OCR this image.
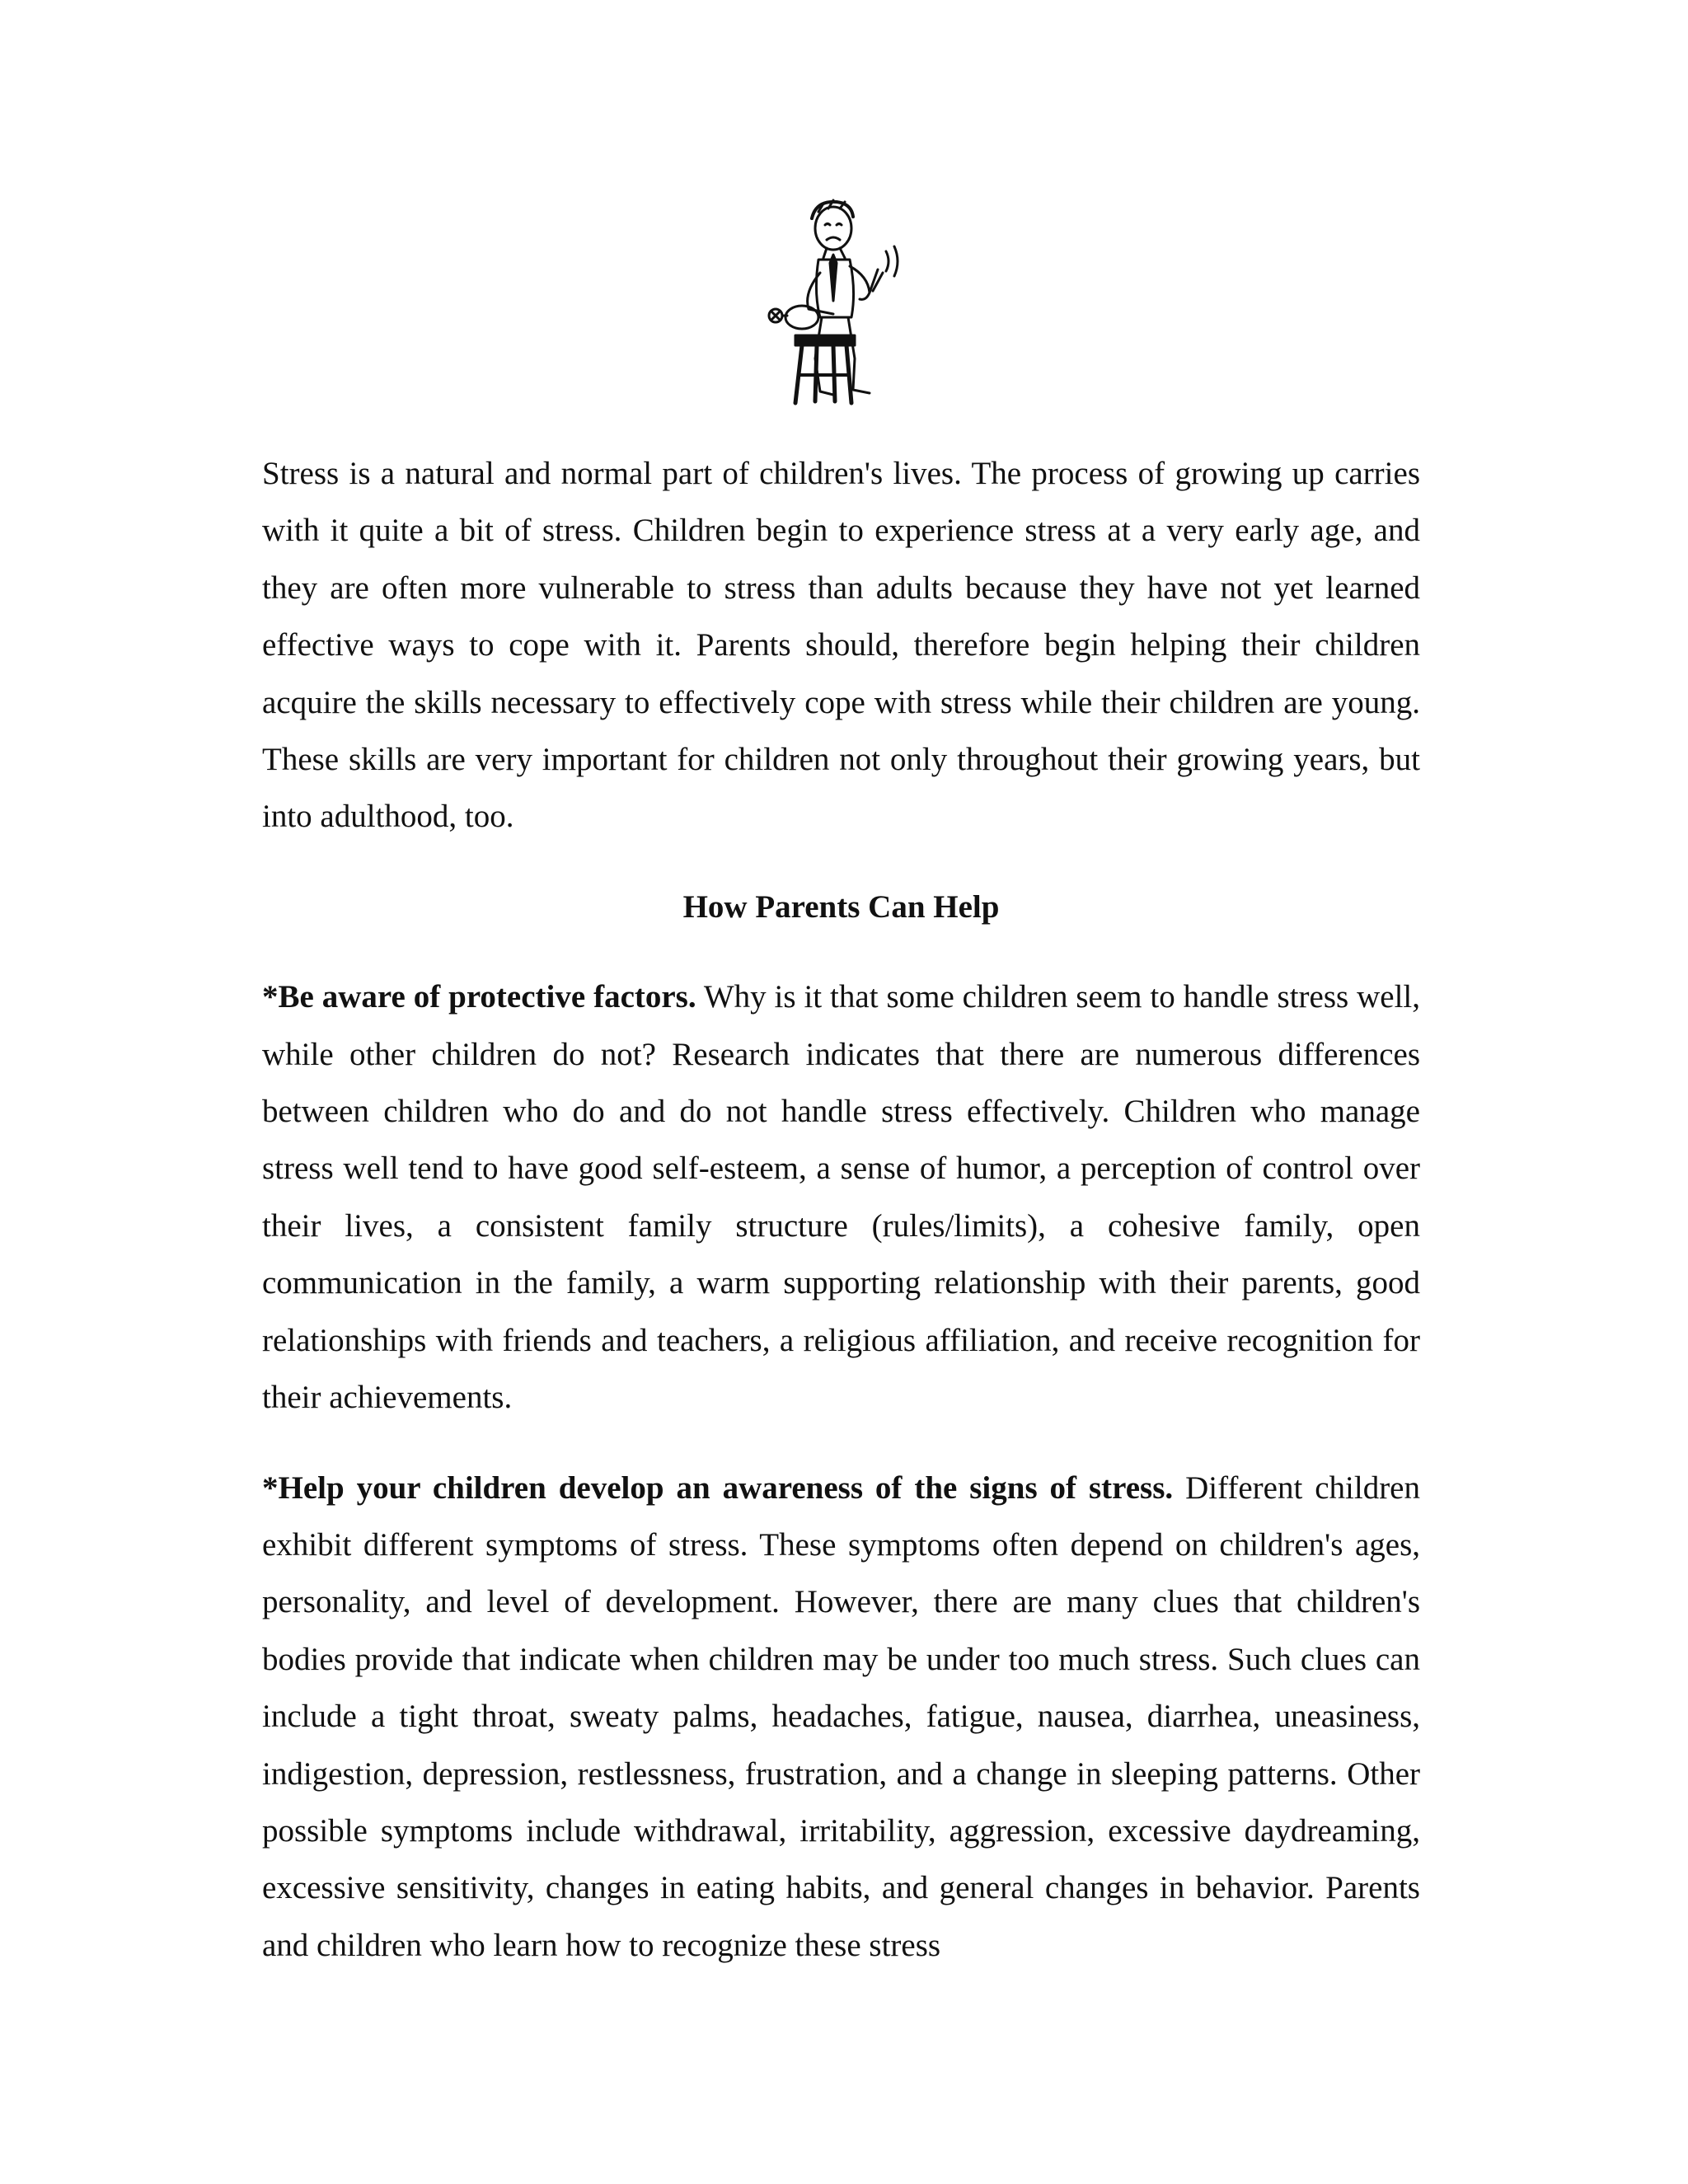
Stress is a natural and normal part of children's lives. The process of growing up carries with it quite a bit of stress. Children begin to experience stress at a very early age, and they are often more vulnerable to stress than adults because they have not yet learned effective ways to cope with it. Parents should, therefore begin helping their children acquire the skills necessary to effectively cope with stress while their children are young. These skills are very important for children not only throughout their growing years, but into adulthood, too.

How Parents Can Help

*Be aware of protective factors. Why is it that some children seem to handle stress well, while other children do not? Research indicates that there are numerous differences between children who do and do not handle stress effectively. Children who manage stress well tend to have good self-esteem, a sense of humor, a perception of control over their lives, a consistent family structure (rules/limits), a cohesive family, open communication in the family, a warm supporting relationship with their parents, good relationships with friends and teachers, a religious affiliation, and receive recognition for their achievements.

*Help your children develop an awareness of the signs of stress. Different children exhibit different symptoms of stress. These symptoms often depend on children's ages, personality, and level of development. However, there are many clues that children's bodies provide that indicate when children may be under too much stress. Such clues can include a tight throat, sweaty palms, headaches, fatigue, nausea, diarrhea, uneasiness, indigestion, depression, restlessness, frustration, and a change in sleeping patterns. Other possible symptoms include withdrawal, irritability, aggression, excessive daydreaming, excessive sensitivity, changes in eating habits, and general changes in behavior. Parents and children who learn how to recognize these stress
